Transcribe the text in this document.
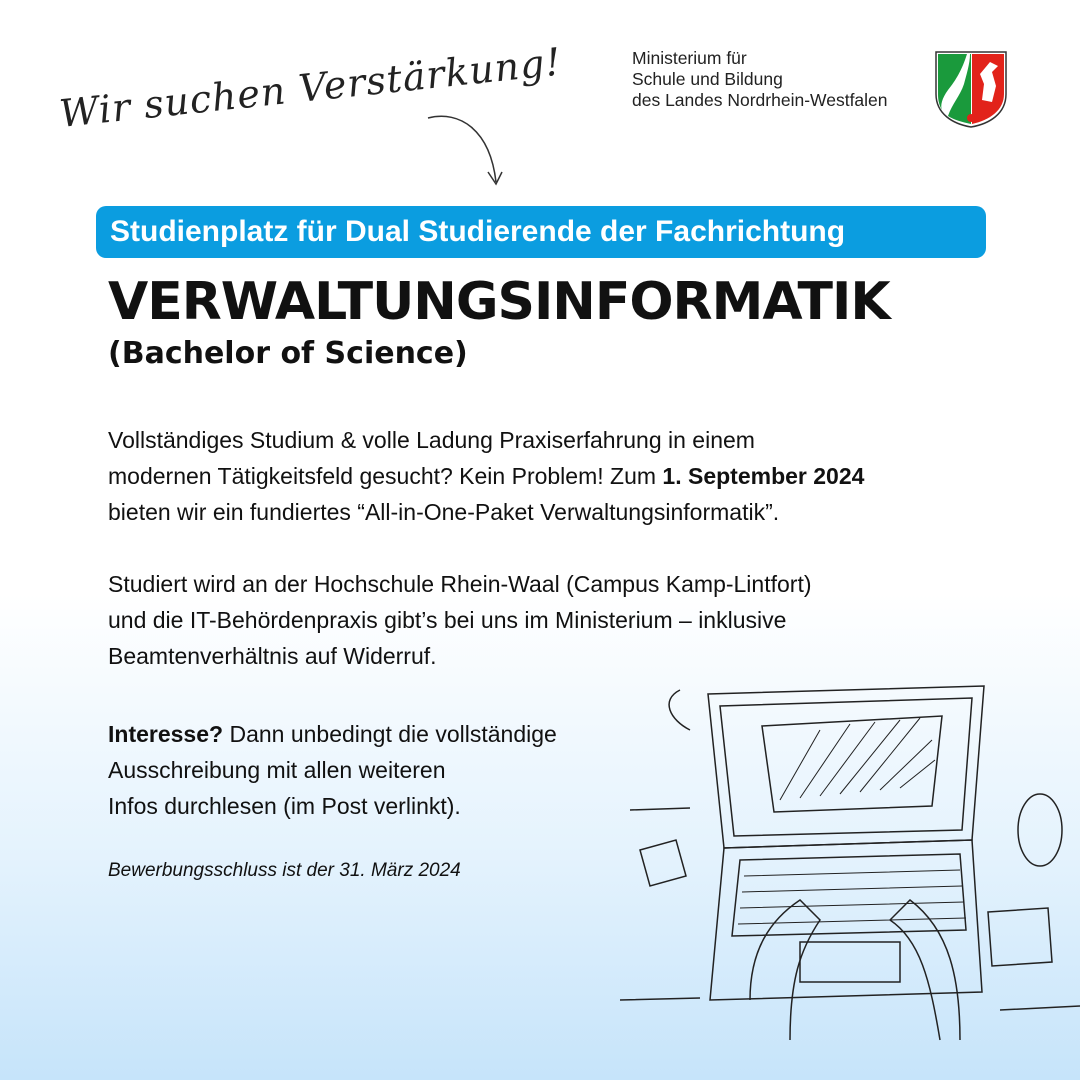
Ministerium für
Schule und Bildung
des Landes Nordrhein-Westfalen
Wir suchen Verstärkung!
Studienplatz für Dual Studierende der Fachrichtung
VERWALTUNGSINFORMATIK
(Bachelor of Science)
Vollständiges Studium & volle Ladung Praxiserfahrung in einem
modernen Tätigkeitsfeld gesucht? Kein Problem! Zum 1. September 2024
bieten wir ein fundiertes “All-in-One-Paket Verwaltungsinformatik”.
Studiert wird an der Hochschule Rhein-Waal (Campus Kamp-Lintfort)
und die IT-Behördenpraxis gibt’s bei uns im Ministerium – inklusive
Beamtenverhältnis auf Widerruf.
Interesse? Dann unbedingt die vollständige
Ausschreibung mit allen weiteren
Infos durchlesen (im Post verlinkt).
Bewerbungsschluss ist der 31. März 2024
